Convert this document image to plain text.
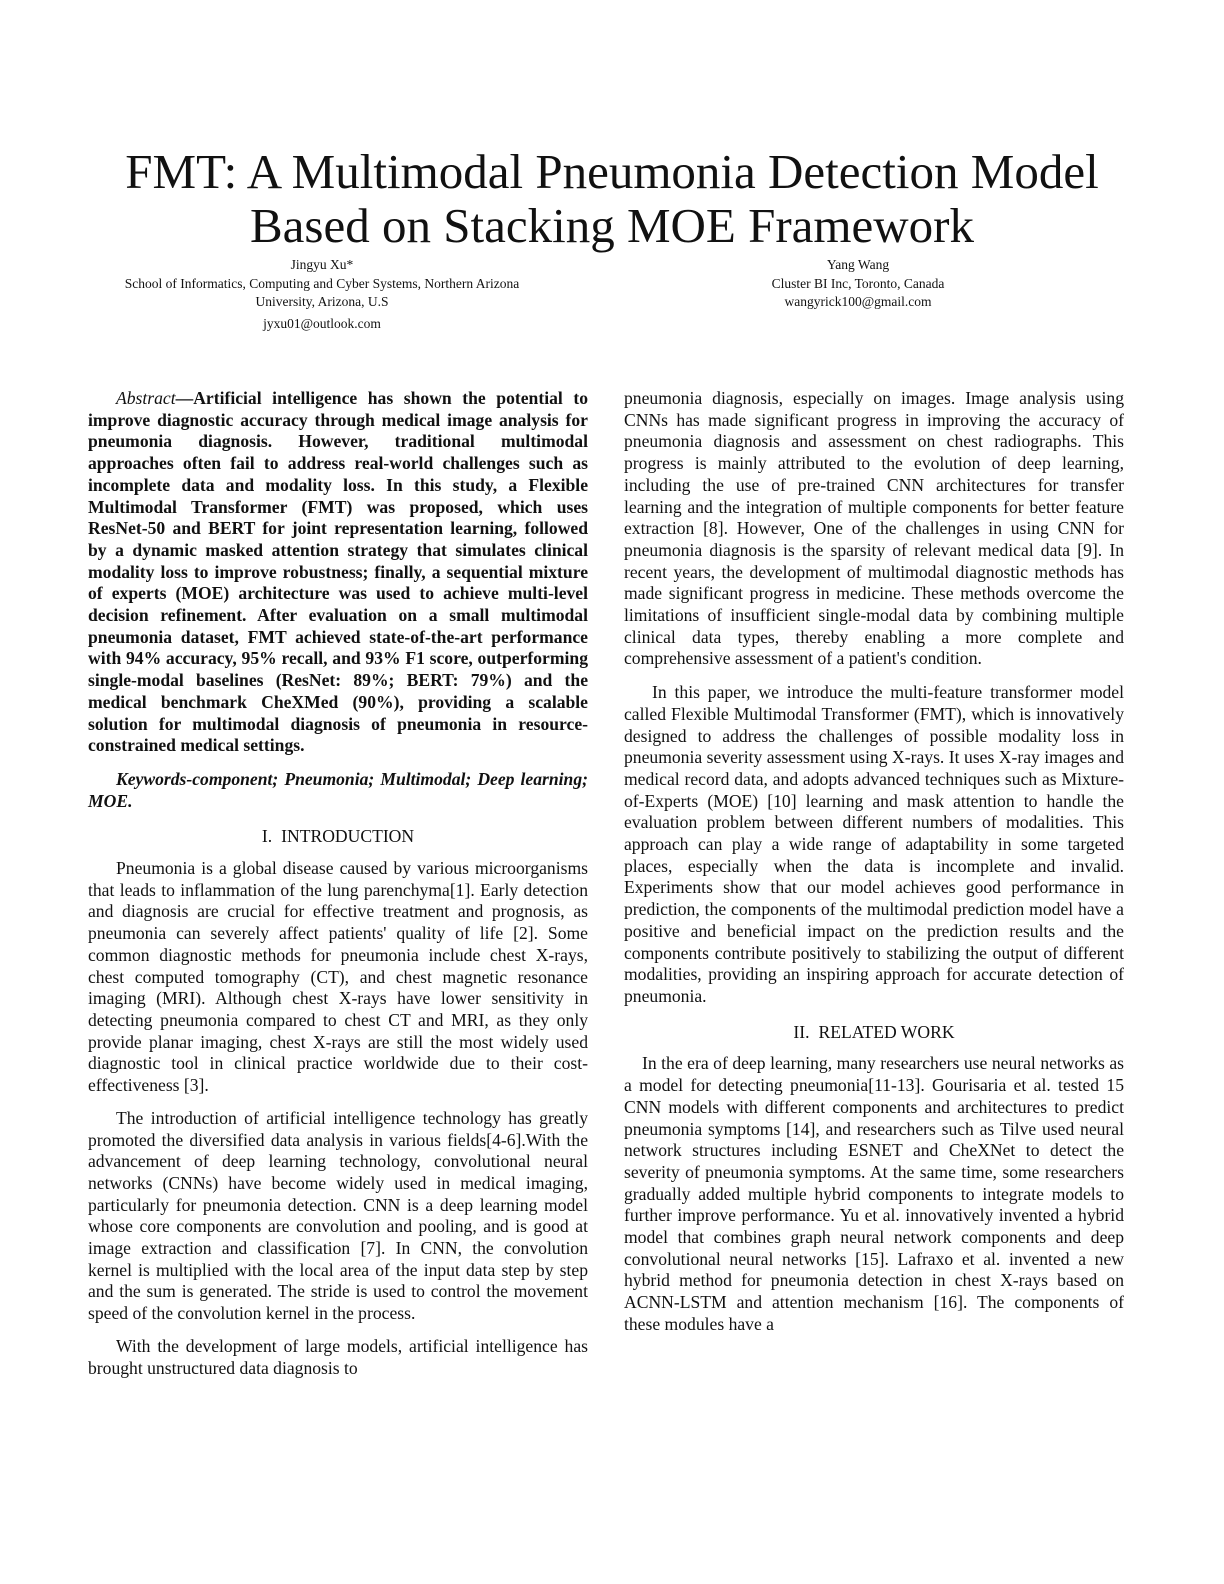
FMT: A Multimodal Pneumonia Detection Model
Based on Stacking MOE Framework
Jingyu Xu*
School of Informatics, Computing and Cyber Systems, Northern Arizona University, Arizona, U.S
jyxu01@outlook.com
Yang Wang
Cluster BI Inc, Toronto, Canada
wangyrick100@gmail.com

Abstract—Artificial intelligence has shown the potential to improve diagnostic accuracy through medical image analysis for pneumonia diagnosis. However, traditional multimodal approaches often fail to address real-world challenges such as incomplete data and modality loss. In this study, a Flexible Multimodal Transformer (FMT) was proposed, which uses ResNet-50 and BERT for joint representation learning, followed by a dynamic masked attention strategy that simulates clinical modality loss to improve robustness; finally, a sequential mixture of experts (MOE) architecture was used to achieve multi-level decision refinement. After evaluation on a small multimodal pneumonia dataset, FMT achieved state-of-the-art performance with 94% accuracy, 95% recall, and 93% F1 score, outperforming single-modal baselines (ResNet: 89%; BERT: 79%) and the medical benchmark CheXMed (90%), providing a scalable solution for multimodal diagnosis of pneumonia in resource-constrained medical settings.

Keywords-component; Pneumonia; Multimodal; Deep learning; MOE.

I. INTRODUCTION

Pneumonia is a global disease caused by various microorganisms that leads to inflammation of the lung parenchyma[1]. Early detection and diagnosis are crucial for effective treatment and prognosis, as pneumonia can severely affect patients' quality of life [2]. Some common diagnostic methods for pneumonia include chest X-rays, chest computed tomography (CT), and chest magnetic resonance imaging (MRI). Although chest X-rays have lower sensitivity in detecting pneumonia compared to chest CT and MRI, as they only provide planar imaging, chest X-rays are still the most widely used diagnostic tool in clinical practice worldwide due to their cost-effectiveness [3].

The introduction of artificial intelligence technology has greatly promoted the diversified data analysis in various fields[4-6].With the advancement of deep learning technology, convolutional neural networks (CNNs) have become widely used in medical imaging, particularly for pneumonia detection. CNN is a deep learning model whose core components are convolution and pooling, and is good at image extraction and classification [7]. In CNN, the convolution kernel is multiplied with the local area of the input data step by step and the sum is generated. The stride is used to control the movement speed of the convolution kernel in the process.

With the development of large models, artificial intelligence has brought unstructured data diagnosis to

pneumonia diagnosis, especially on images. Image analysis using CNNs has made significant progress in improving the accuracy of pneumonia diagnosis and assessment on chest radiographs. This progress is mainly attributed to the evolution of deep learning, including the use of pre-trained CNN architectures for transfer learning and the integration of multiple components for better feature extraction [8]. However, One of the challenges in using CNN for pneumonia diagnosis is the sparsity of relevant medical data [9]. In recent years, the development of multimodal diagnostic methods has made significant progress in medicine. These methods overcome the limitations of insufficient single-modal data by combining multiple clinical data types, thereby enabling a more complete and comprehensive assessment of a patient's condition.

In this paper, we introduce the multi-feature transformer model called Flexible Multimodal Transformer (FMT), which is innovatively designed to address the challenges of possible modality loss in pneumonia severity assessment using X-rays. It uses X-ray images and medical record data, and adopts advanced techniques such as Mixture-of-Experts (MOE) [10] learning and mask attention to handle the evaluation problem between different numbers of modalities. This approach can play a wide range of adaptability in some targeted places, especially when the data is incomplete and invalid. Experiments show that our model achieves good performance in prediction, the components of the multimodal prediction model have a positive and beneficial impact on the prediction results and the components contribute positively to stabilizing the output of different modalities, providing an inspiring approach for accurate detection of pneumonia.

II. RELATED WORK

In the era of deep learning, many researchers use neural networks as a model for detecting pneumonia[11-13]. Gourisaria et al. tested 15 CNN models with different components and architectures to predict pneumonia symptoms [14], and researchers such as Tilve used neural network structures including ESNET and CheXNet to detect the severity of pneumonia symptoms. At the same time, some researchers gradually added multiple hybrid components to integrate models to further improve performance. Yu et al. innovatively invented a hybrid model that combines graph neural network components and deep convolutional neural networks [15]. Lafraxo et al. invented a new hybrid method for pneumonia detection in chest X-rays based on ACNN-LSTM and attention mechanism [16]. The components of these modules have a
